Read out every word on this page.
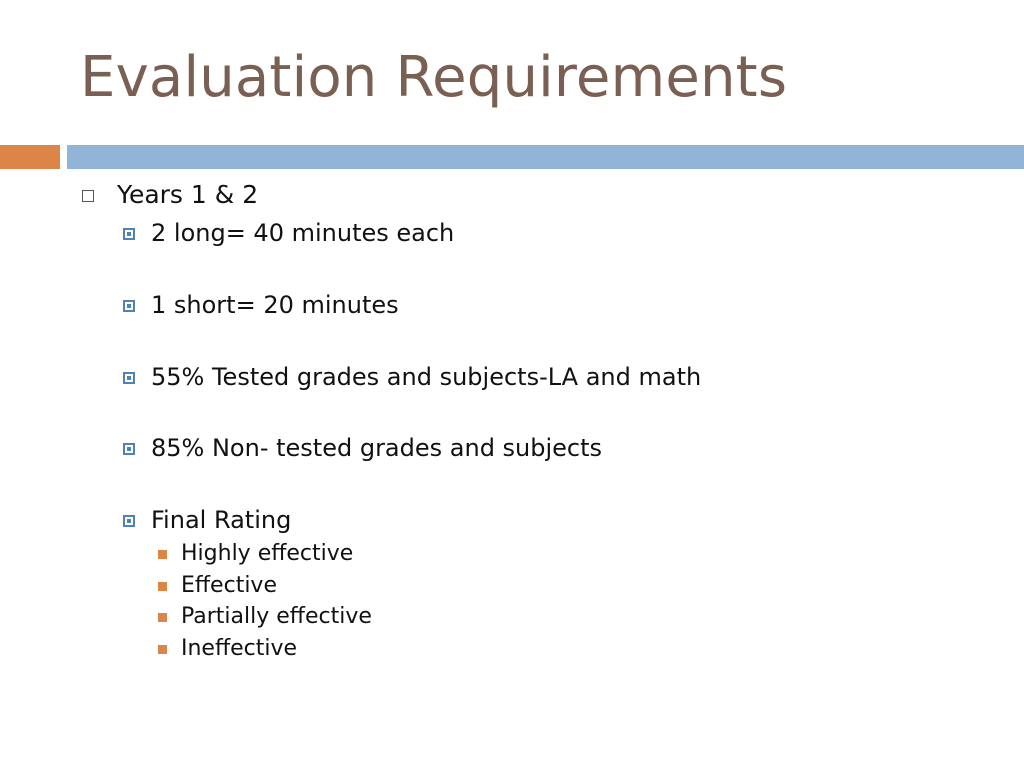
Evaluation Requirements
Years 1 & 2
2 long= 40 minutes each
1 short= 20 minutes
55% Tested grades and subjects-LA and math
85% Non- tested grades and subjects
Final Rating
Highly effective
Effective
Partially effective
Ineffective
